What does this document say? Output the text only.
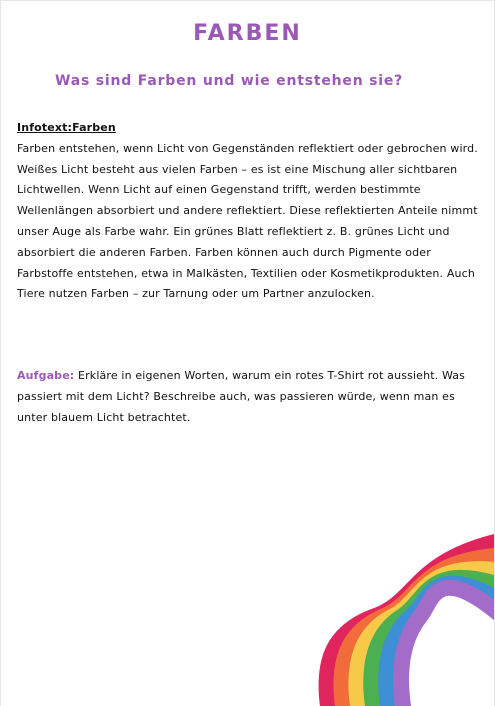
FARBEN
Was sind Farben und wie entstehen sie?
Infotext:Farben
Farben entstehen, wenn Licht von Gegenständen reflektiert oder gebrochen wird. Weißes Licht besteht aus vielen Farben – es ist eine Mischung aller sichtbaren Lichtwellen. Wenn Licht auf einen Gegenstand trifft, werden bestimmte Wellenlängen absorbiert und andere reflektiert. Diese reflektierten Anteile nimmt unser Auge als Farbe wahr. Ein grünes Blatt reflektiert z. B. grünes Licht und absorbiert die anderen Farben. Farben können auch durch Pigmente oder Farbstoffe entstehen, etwa in Malkästen, Textilien oder Kosmetikprodukten. Auch Tiere nutzen Farben – zur Tarnung oder um Partner anzulocken.
Aufgabe: Erkläre in eigenen Worten, warum ein rotes T-Shirt rot aussieht. Was passiert mit dem Licht? Beschreibe auch, was passieren würde, wenn man es unter blauem Licht betrachtet.
